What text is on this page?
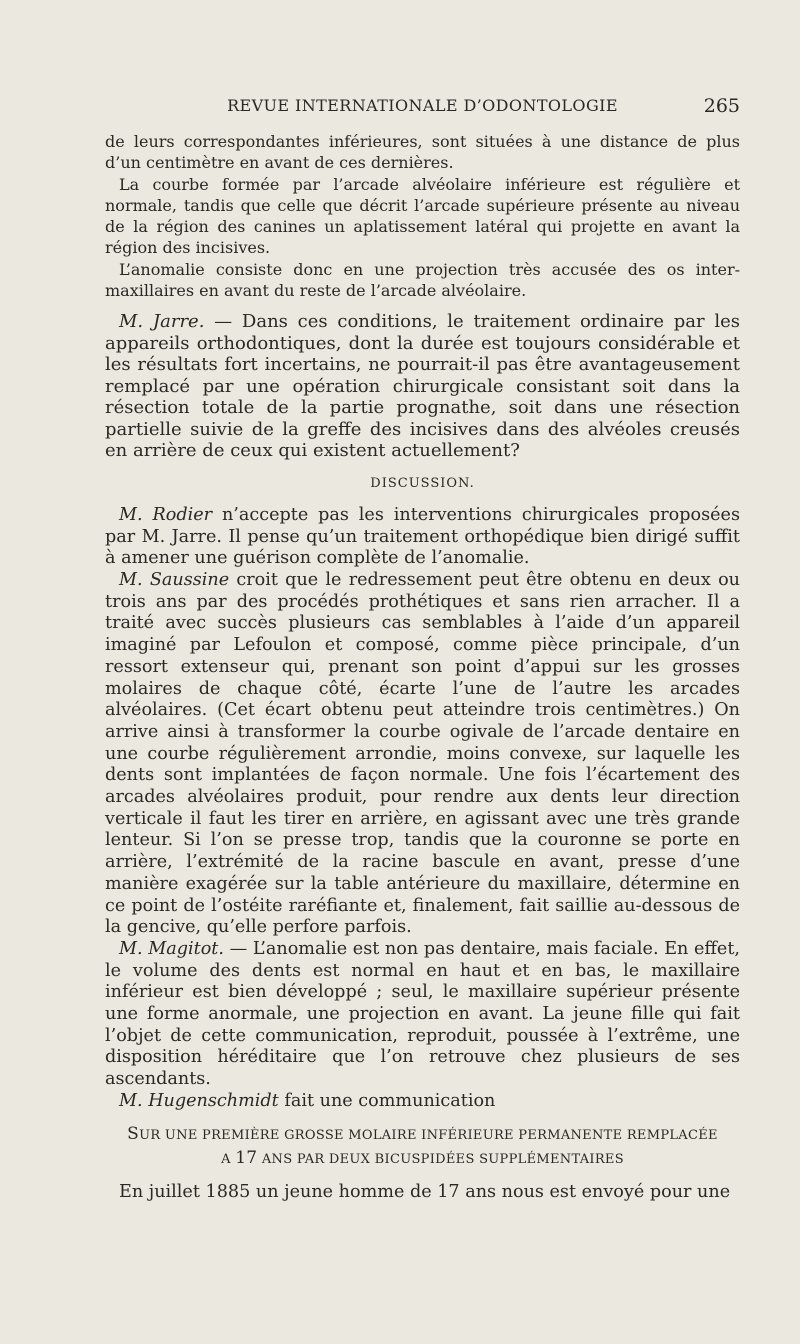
REVUE INTERNATIONALE D’ODONTOLOGIE	265

de leurs correspondantes inférieures, sont situées à une distance de plus d’un centimètre en avant de ces dernières.

La courbe formée par l’arcade alvéolaire inférieure est régulière et normale, tandis que celle que décrit l’arcade supérieure présente au niveau de la région des canines un aplatissement latéral qui projette en avant la région des incisives.

L’anomalie consiste donc en une projection très accusée des os inter-maxillaires en avant du reste de l’arcade alvéolaire.

M. Jarre. — Dans ces conditions, le traitement ordinaire par les appareils orthodontiques, dont la durée est toujours considérable et les résultats fort incertains, ne pourrait-il pas être avantageusement remplacé par une opération chirurgicale consistant soit dans la résection totale de la partie prognathe, soit dans une résection partielle suivie de la greffe des incisives dans des alvéoles creusés en arrière de ceux qui existent actuellement?

DISCUSSION.

M. Rodier n’accepte pas les interventions chirurgicales proposées par M. Jarre. Il pense qu’un traitement orthopédique bien dirigé suffit à amener une guérison complète de l’anomalie.

M. Saussine croit que le redressement peut être obtenu en deux ou trois ans par des procédés prothétiques et sans rien arracher. Il a traité avec succès plusieurs cas semblables à l’aide d’un appareil imaginé par Lefoulon et composé, comme pièce principale, d’un ressort extenseur qui, prenant son point d’appui sur les grosses molaires de chaque côté, écarte l’une de l’autre les arcades alvéolaires. (Cet écart obtenu peut atteindre trois centimètres.) On arrive ainsi à transformer la courbe ogivale de l’arcade dentaire en une courbe régulièrement arrondie, moins convexe, sur laquelle les dents sont implantées de façon normale. Une fois l’écartement des arcades alvéolaires produit, pour rendre aux dents leur direction verticale il faut les tirer en arrière, en agissant avec une très grande lenteur. Si l’on se presse trop, tandis que la couronne se porte en arrière, l’extrémité de la racine bascule en avant, presse d’une manière exagérée sur la table antérieure du maxillaire, détermine en ce point de l’ostéite raréfiante et, finalement, fait saillie au-dessous de la gencive, qu’elle perfore parfois.

M. Magitot. — L’anomalie est non pas dentaire, mais faciale. En effet, le volume des dents est normal en haut et en bas, le maxillaire inférieur est bien développé ; seul, le maxillaire supérieur présente une forme anormale, une projection en avant. La jeune fille qui fait l’objet de cette communication, reproduit, poussée à l’extrême, une disposition héréditaire que l’on retrouve chez plusieurs de ses ascendants.

M. Hugenschmidt fait une communication

SUR UNE PREMIÈRE GROSSE MOLAIRE INFÉRIEURE PERMANENTE REMPLACÉE
A 17 ANS PAR DEUX BICUSPIDÉES SUPPLÉMENTAIRES

En juillet 1885 un jeune homme de 17 ans nous est envoyé pour une
